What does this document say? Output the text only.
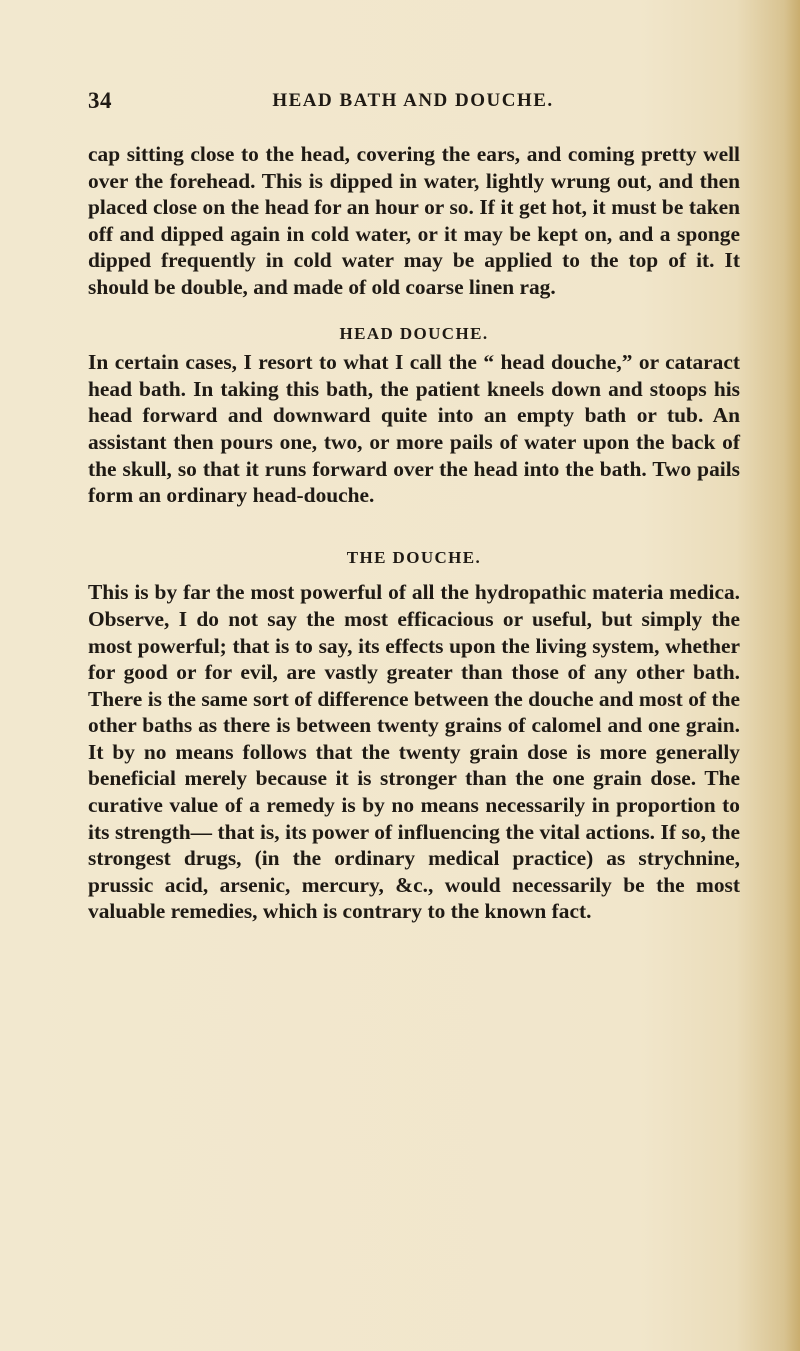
34	HEAD BATH AND DOUCHE.

cap sitting close to the head, covering the ears, and coming pretty well over the forehead. This is dipped in water, lightly wrung out, and then placed close on the head for an hour or so. If it get hot, it must be taken off and dipped again in cold water, or it may be kept on, and a sponge dipped frequently in cold water may be applied to the top of it. It should be double, and made of old coarse linen rag.

HEAD DOUCHE.

In certain cases, I resort to what I call the “ head douche,” or cataract head bath. In taking this bath, the patient kneels down and stoops his head forward and downward quite into an empty bath or tub. An assistant then pours one, two, or more pails of water upon the back of the skull, so that it runs forward over the head into the bath. Two pails form an ordinary head-douche.

THE DOUCHE.

This is by far the most powerful of all the hydropathic materia medica. Observe, I do not say the most efficacious or useful, but simply the most powerful; that is to say, its effects upon the living system, whether for good or for evil, are vastly greater than those of any other bath. There is the same sort of difference between the douche and most of the other baths as there is between twenty grains of calomel and one grain. It by no means follows that the twenty grain dose is more generally beneficial merely because it is stronger than the one grain dose. The curative value of a remedy is by no means necessarily in proportion to its strength— that is, its power of influencing the vital actions. If so, the strongest drugs, (in the ordinary medical practice) as strychnine, prussic acid, arsenic, mercury, &c., would necessarily be the most valuable remedies, which is contrary to the known fact.
